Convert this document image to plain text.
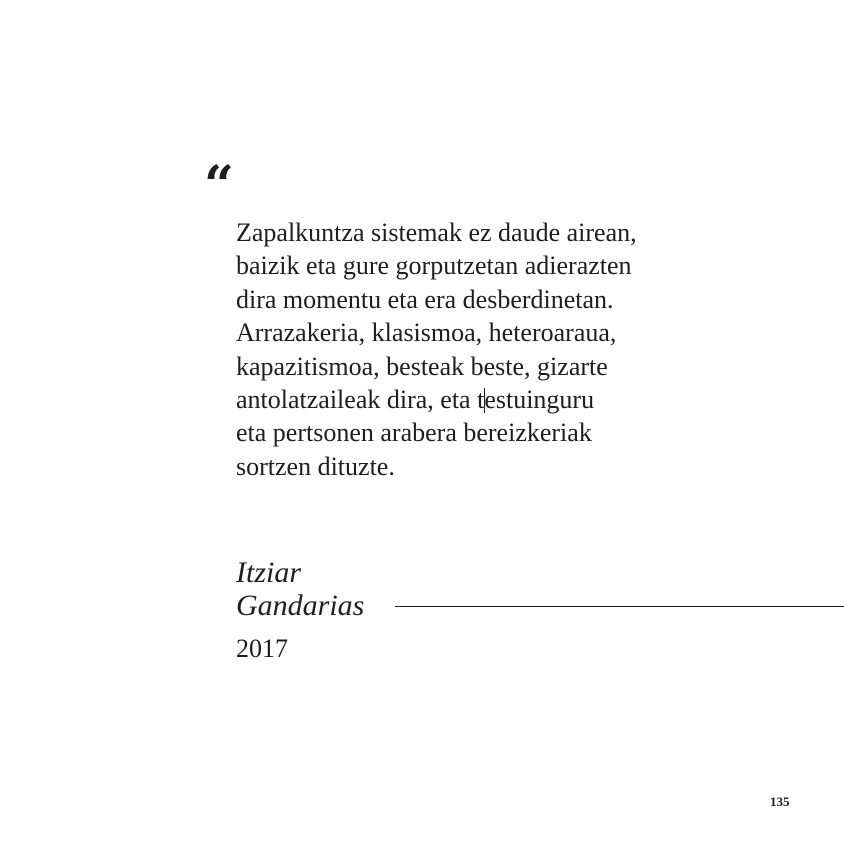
“

Zapalkuntza sistemak ez daude airean,
baizik eta gure gorputzetan adierazten
dira momentu eta era desberdinetan.
Arrazakeria, klasismoa, heteroaraua,
kapazitismoa, besteak beste, gizarte
antolatzaileak dira, eta testuinguru
eta pertsonen arabera bereizkeriak
sortzen dituzte.

Itziar
Gandarias
2017
135
